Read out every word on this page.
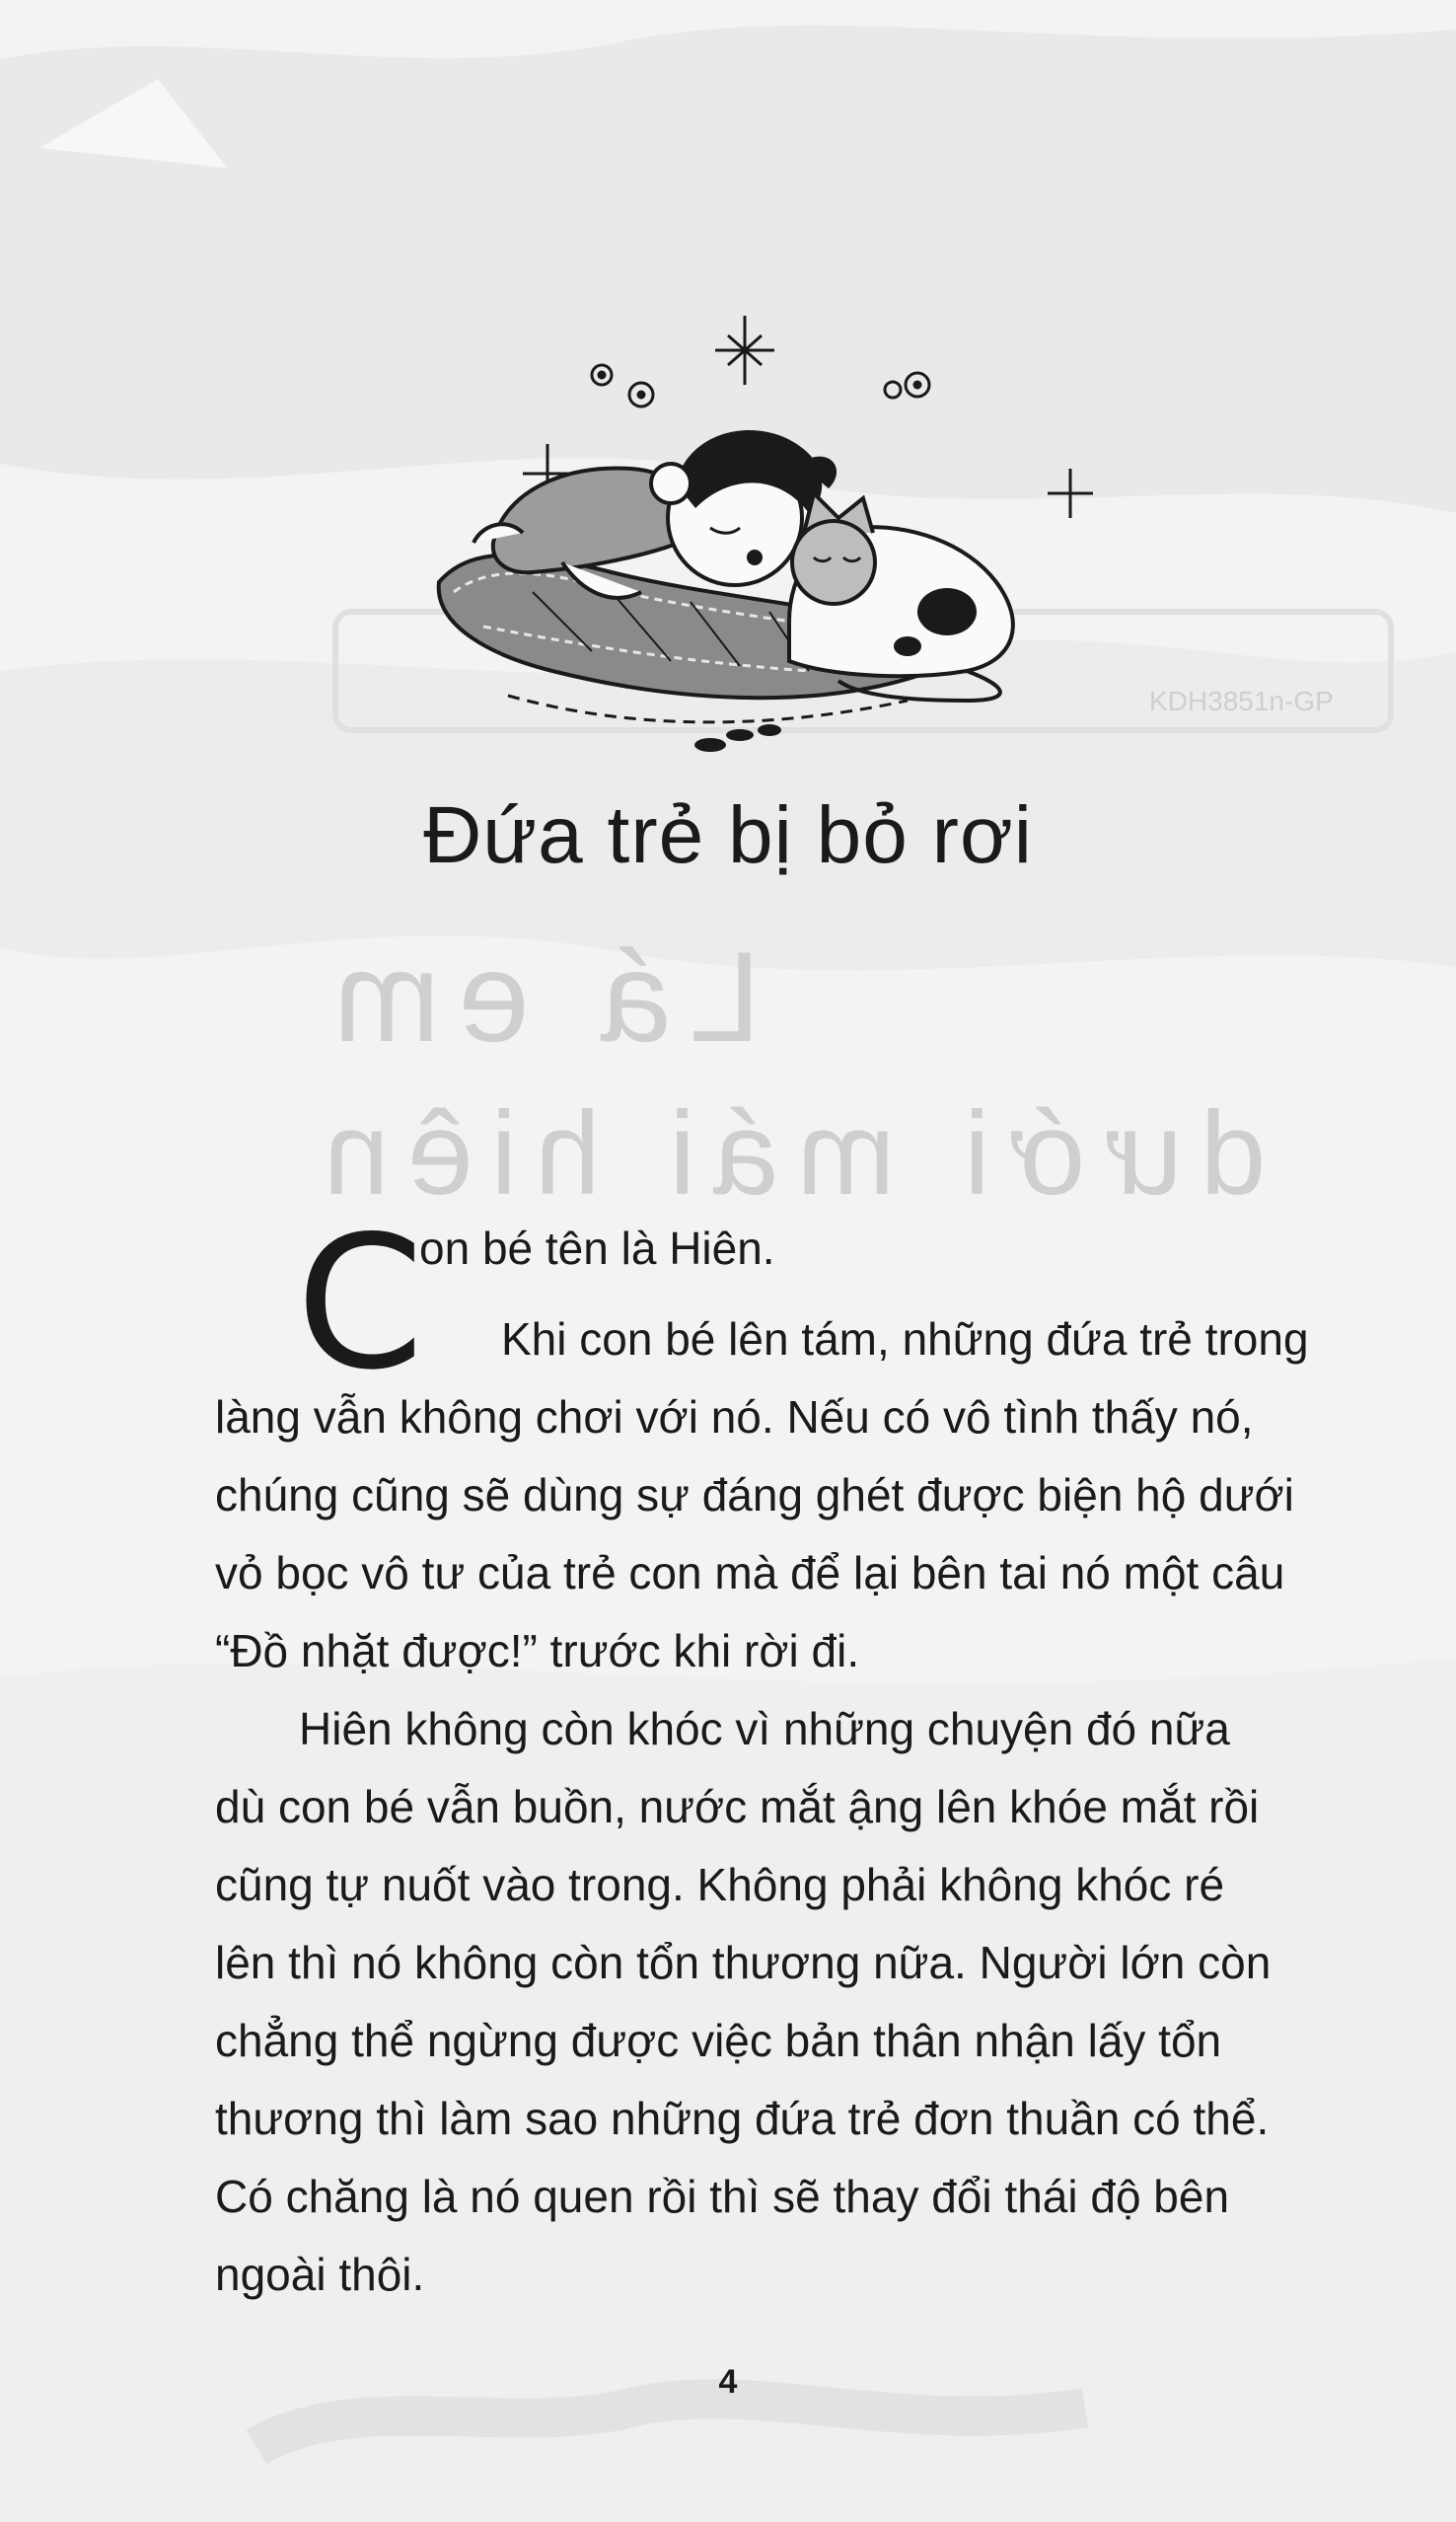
Lá em
dưới mái hiên
KDH3851n-GP
Đứa trẻ bị bỏ rơi
C
on bé tên là Hiên.
Khi con bé lên tám, những đứa trẻ trong
làng vẫn không chơi với nó. Nếu có vô tình thấy nó,
chúng cũng sẽ dùng sự đáng ghét được biện hộ dưới
vỏ bọc vô tư của trẻ con mà để lại bên tai nó một câu
“Đồ nhặt được!” trước khi rời đi.
Hiên không còn khóc vì những chuyện đó nữa
dù con bé vẫn buồn, nước mắt ậng lên khóe mắt rồi
cũng tự nuốt vào trong. Không phải không khóc ré
lên thì nó không còn tổn thương nữa. Người lớn còn
chẳng thể ngừng được việc bản thân nhận lấy tổn
thương thì làm sao những đứa trẻ đơn thuần có thể.
Có chăng là nó quen rồi thì sẽ thay đổi thái độ bên
ngoài thôi.
4
